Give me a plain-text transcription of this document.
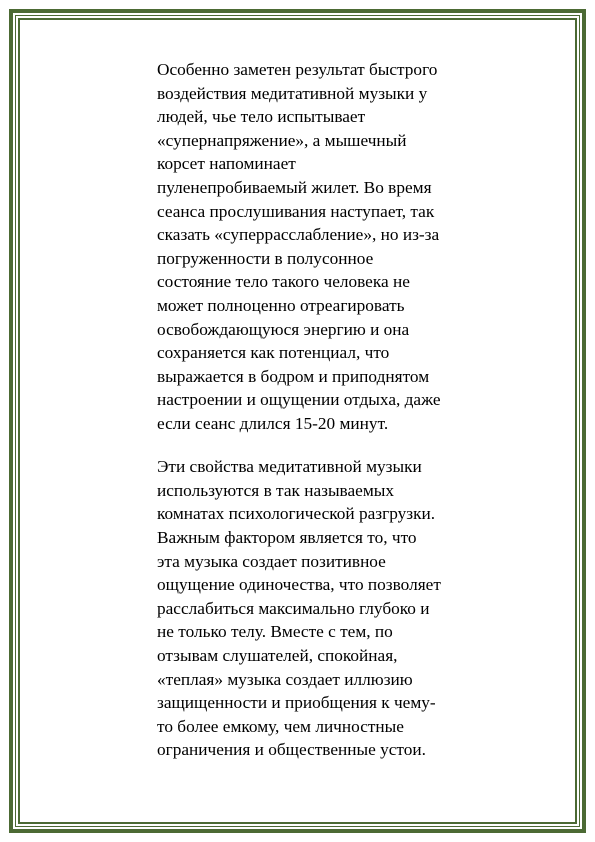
Особенно заметен результат быстрого
воздействия медитативной музыки у
людей, чье тело испытывает
«супернапряжение», а мышечный
корсет напоминает
пуленепробиваемый жилет. Во время
сеанса прослушивания наступает, так
сказать «суперрасслабление», но из-за
погруженности в полусонное
состояние тело такого человека не
может полноценно отреагировать
освобождающуюся энергию и она
сохраняется как потенциал, что
выражается в бодром и приподнятом
настроении и ощущении отдыха, даже
если сеанс длился 15-20 минут.

Эти свойства медитативной музыки
используются в так называемых
комнатах психологической разгрузки.
Важным фактором является то, что
эта музыка создает позитивное
ощущение одиночества, что позволяет
расслабиться максимально глубоко и
не только телу. Вместе с тем, по
отзывам слушателей, спокойная,
«теплая» музыка создает иллюзию
защищенности и приобщения к чему-
то более емкому, чем личностные
ограничения и общественные устои.
